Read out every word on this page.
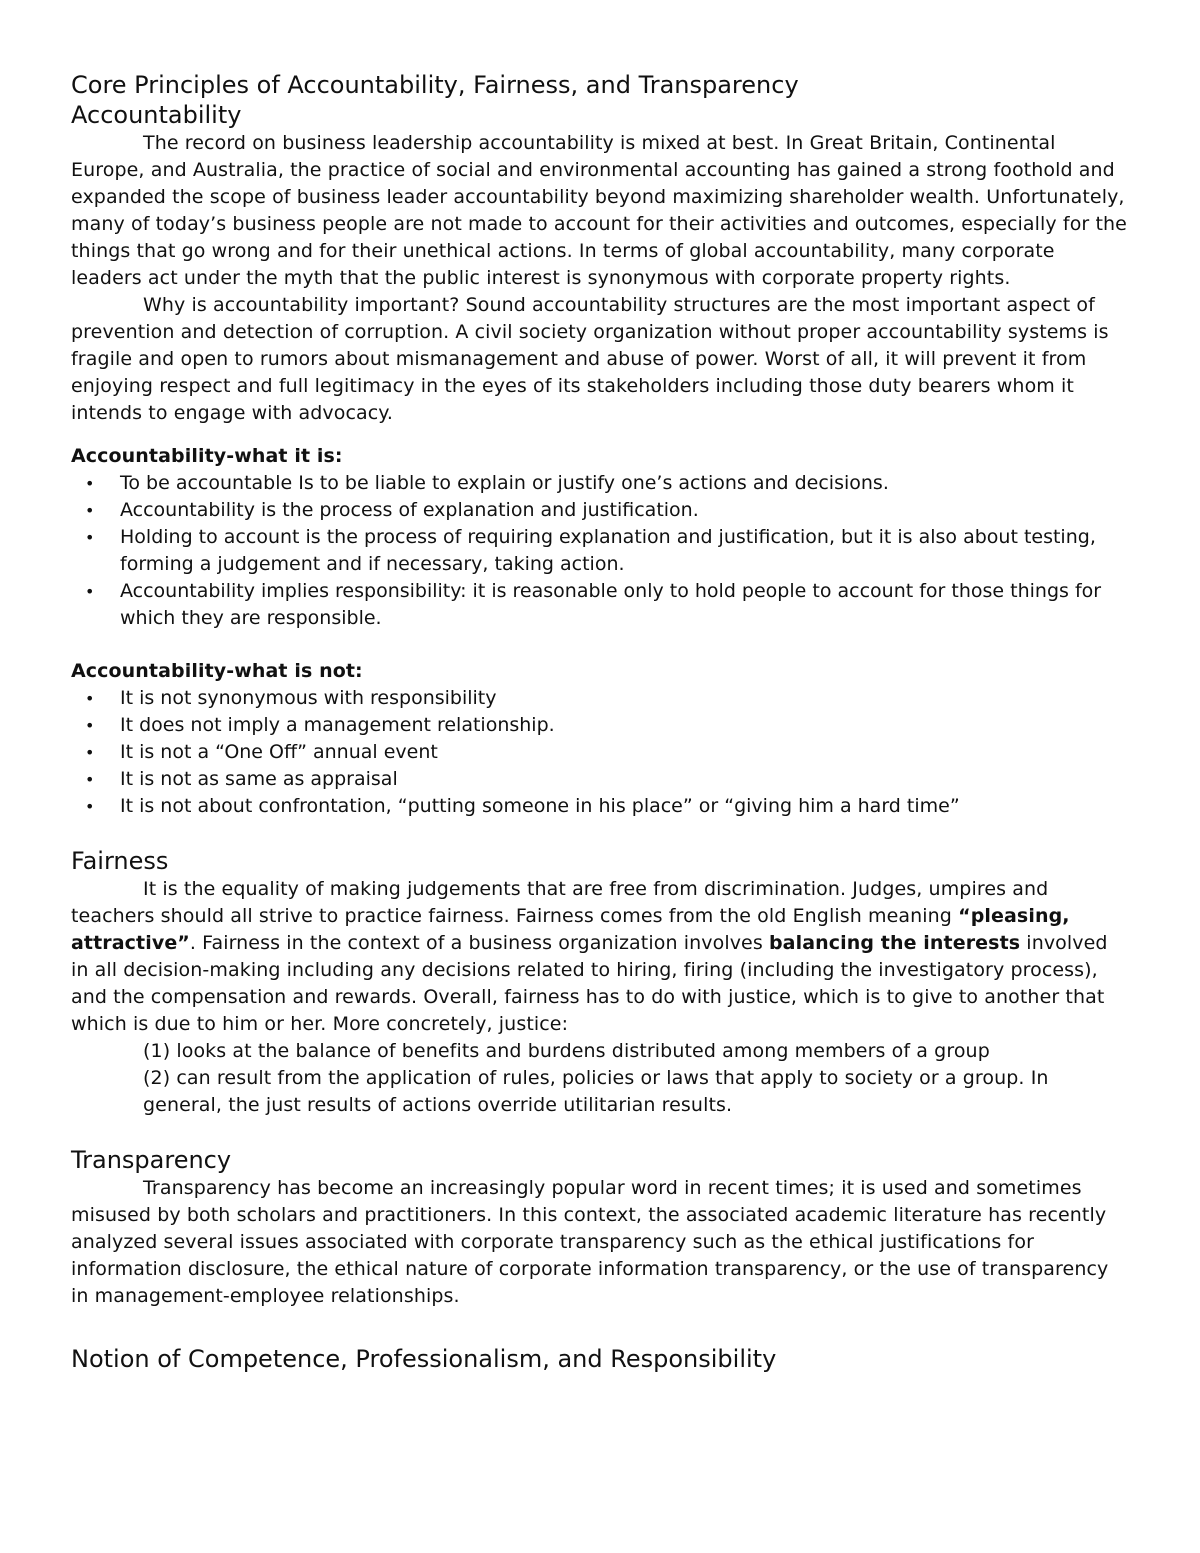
Core Principles of Accountability, Fairness, and Transparency
Accountability

The record on business leadership accountability is mixed at best. In Great Britain, Continental Europe, and Australia, the practice of social and environmental accounting has gained a strong foothold and expanded the scope of business leader accountability beyond maximizing shareholder wealth. Unfortunately, many of today’s business people are not made to account for their activities and outcomes, especially for the things that go wrong and for their unethical actions. In terms of global accountability, many corporate leaders act under the myth that the public interest is synonymous with corporate property rights.

Why is accountability important? Sound accountability structures are the most important aspect of prevention and detection of corruption. A civil society organization without proper accountability systems is fragile and open to rumors about mismanagement and abuse of power. Worst of all, it will prevent it from enjoying respect and full legitimacy in the eyes of its stakeholders including those duty bearers whom it intends to engage with advocacy.

Accountability-what it is:

• To be accountable Is to be liable to explain or justify one’s actions and decisions.
• Accountability is the process of explanation and justification.
• Holding to account is the process of requiring explanation and justification, but it is also about testing, forming a judgement and if necessary, taking action.
• Accountability implies responsibility: it is reasonable only to hold people to account for those things for which they are responsible.

Accountability-what is not:

• It is not synonymous with responsibility
• It does not imply a management relationship.
• It is not a “One Off” annual event
• It is not as same as appraisal
• It is not about confrontation, “putting someone in his place” or “giving him a hard time”
Fairness

It is the equality of making judgements that are free from discrimination. Judges, umpires and teachers should all strive to practice fairness. Fairness comes from the old English meaning “pleasing, attractive”. Fairness in the context of a business organization involves balancing the interests involved in all decision-making including any decisions related to hiring, firing (including the investigatory process), and the compensation and rewards. Overall, fairness has to do with justice, which is to give to another that which is due to him or her. More concretely, justice:

(1) looks at the balance of benefits and burdens distributed among members of a group

(2) can result from the application of rules, policies or laws that apply to society or a group. In general, the just results of actions override utilitarian results.

Transparency

Transparency has become an increasingly popular word in recent times; it is used and sometimes misused by both scholars and practitioners. In this context, the associated academic literature has recently analyzed several issues associated with corporate transparency such as the ethical justifications for information disclosure, the ethical nature of corporate information transparency, or the use of transparency in management-employee relationships.

Notion of Competence, Professionalism, and Responsibility
